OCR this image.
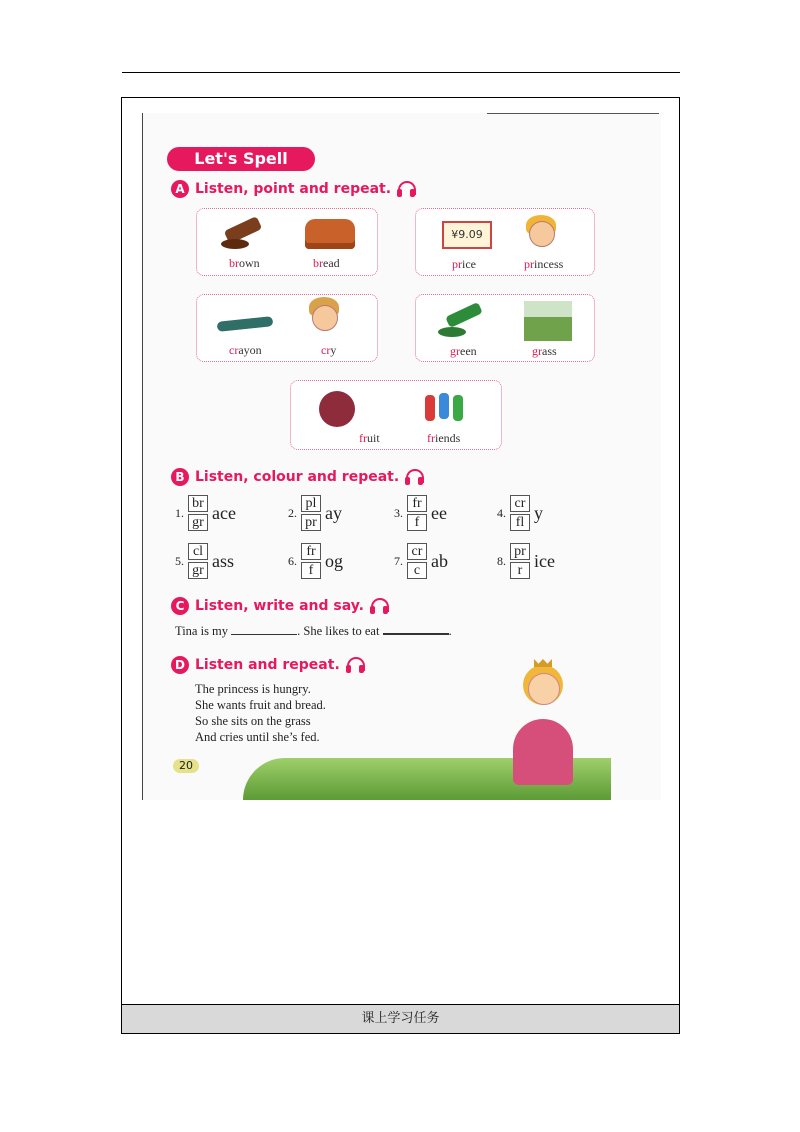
课上学习任务
Let's Spell
A Listen, point and repeat.
brown	bread
¥9.09
price	princess
crayon	cry	green	grass
fruit	friends
B Listen, colour and repeat.
1.
br
gr ace	2.
pl
pr ay	3.
fr
f ee	4.
cr
fl y
5.
cl
gr ass	6.
fr
f og	7.
cr
c ab	8.
pr
r ice
C Listen, write and say.
Tina is my	. She likes to eat	.
D Listen and repeat.
The princess is hungry.
She wants fruit and bread.
So she sits on the grass
And cries until she’s fed.
20
